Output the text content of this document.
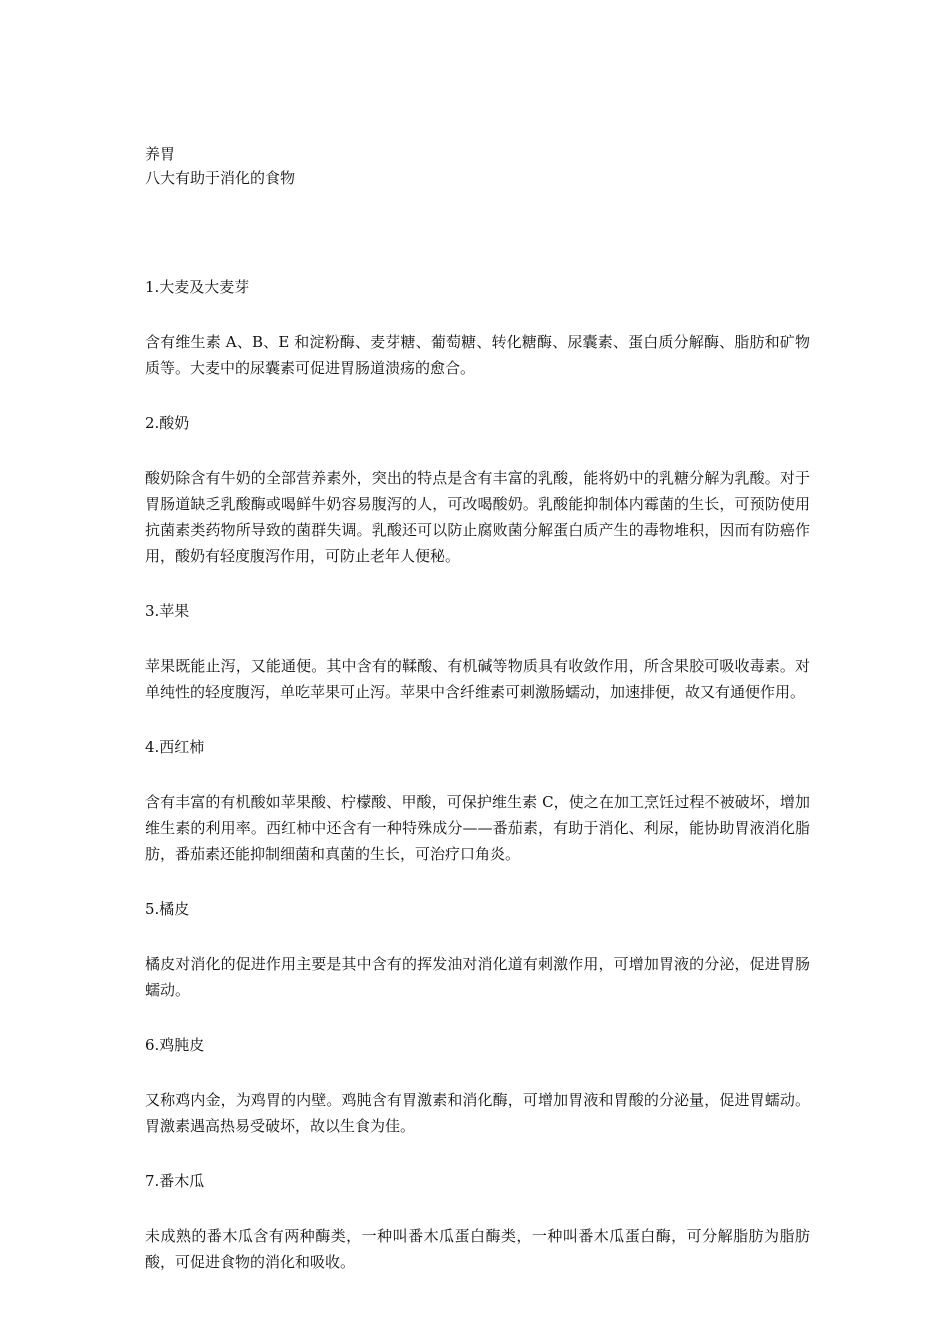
养胃

八大有助于消化的食物

1.大麦及大麦芽

含有维生素 A、B、E 和淀粉酶、麦芽糖、葡萄糖、转化糖酶、尿囊素、蛋白质分解酶、脂肪和矿物质等。大麦中的尿囊素可促进胃肠道溃疡的愈合。

2.酸奶

酸奶除含有牛奶的全部营养素外，突出的特点是含有丰富的乳酸，能将奶中的乳糖分解为乳酸。对于胃肠道缺乏乳酸酶或喝鲜牛奶容易腹泻的人，可改喝酸奶。乳酸能抑制体内霉菌的生长，可预防使用抗菌素类药物所导致的菌群失调。乳酸还可以防止腐败菌分解蛋白质产生的毒物堆积，因而有防癌作用，酸奶有轻度腹泻作用，可防止老年人便秘。

3.苹果

苹果既能止泻，又能通便。其中含有的鞣酸、有机碱等物质具有收敛作用，所含果胶可吸收毒素。对单纯性的轻度腹泻，单吃苹果可止泻。苹果中含纤维素可刺激肠蠕动，加速排便，故又有通便作用。

4.西红柿

含有丰富的有机酸如苹果酸、柠檬酸、甲酸，可保护维生素 C，使之在加工烹饪过程不被破坏，增加维生素的利用率。西红柿中还含有一种特殊成分——番茄素，有助于消化、利尿，能协助胃液消化脂肪，番茄素还能抑制细菌和真菌的生长，可治疗口角炎。

5.橘皮

橘皮对消化的促进作用主要是其中含有的挥发油对消化道有刺激作用，可增加胃液的分泌，促进胃肠蠕动。

6.鸡肫皮

又称鸡内金，为鸡胃的内壁。鸡肫含有胃激素和消化酶，可增加胃液和胃酸的分泌量，促进胃蠕动。胃激素遇高热易受破坏，故以生食为佳。

7.番木瓜

未成熟的番木瓜含有两种酶类，一种叫番木瓜蛋白酶类，一种叫番木瓜蛋白酶，可分解脂肪为脂肪酸，可促进食物的消化和吸收。
